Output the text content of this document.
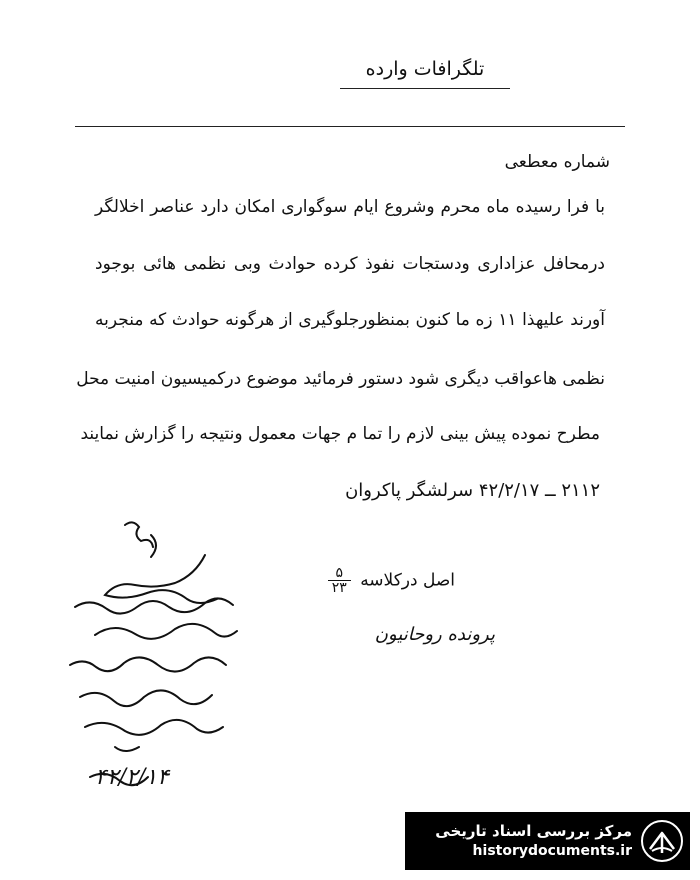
تلگرافات وارده
شماره معطعی
با فرا رسیده ماه محرم وشروع ایام سوگواری امکان دارد عناصر اخلالگر
درمحافل عزاداری ودستجات نفوذ کرده حوادث وبی نظمی هائی بوجود
آورند علیهذا ۱۱ زه ما کنون بمنظورجلوگیری از هرگونه حوادث که منجربه
نظمی هاعواقب دیگری شود دستور فرمائید موضوع درکمیسیون امنیت محل
مطرح نموده پیش بینی لازم را تما م جهات معمول ونتیجه را گزارش نمایند
۲۱۱۲ ــ ۴۲/۲/۱۷ سرلشگر پاکروان
اصل درکلاسه
$\frac{۵}{۲۳}$
پرونده روحانیون
۴۲/۲/۱۴
مرکز بررسی اسناد تاریخی
historydocuments.ir
